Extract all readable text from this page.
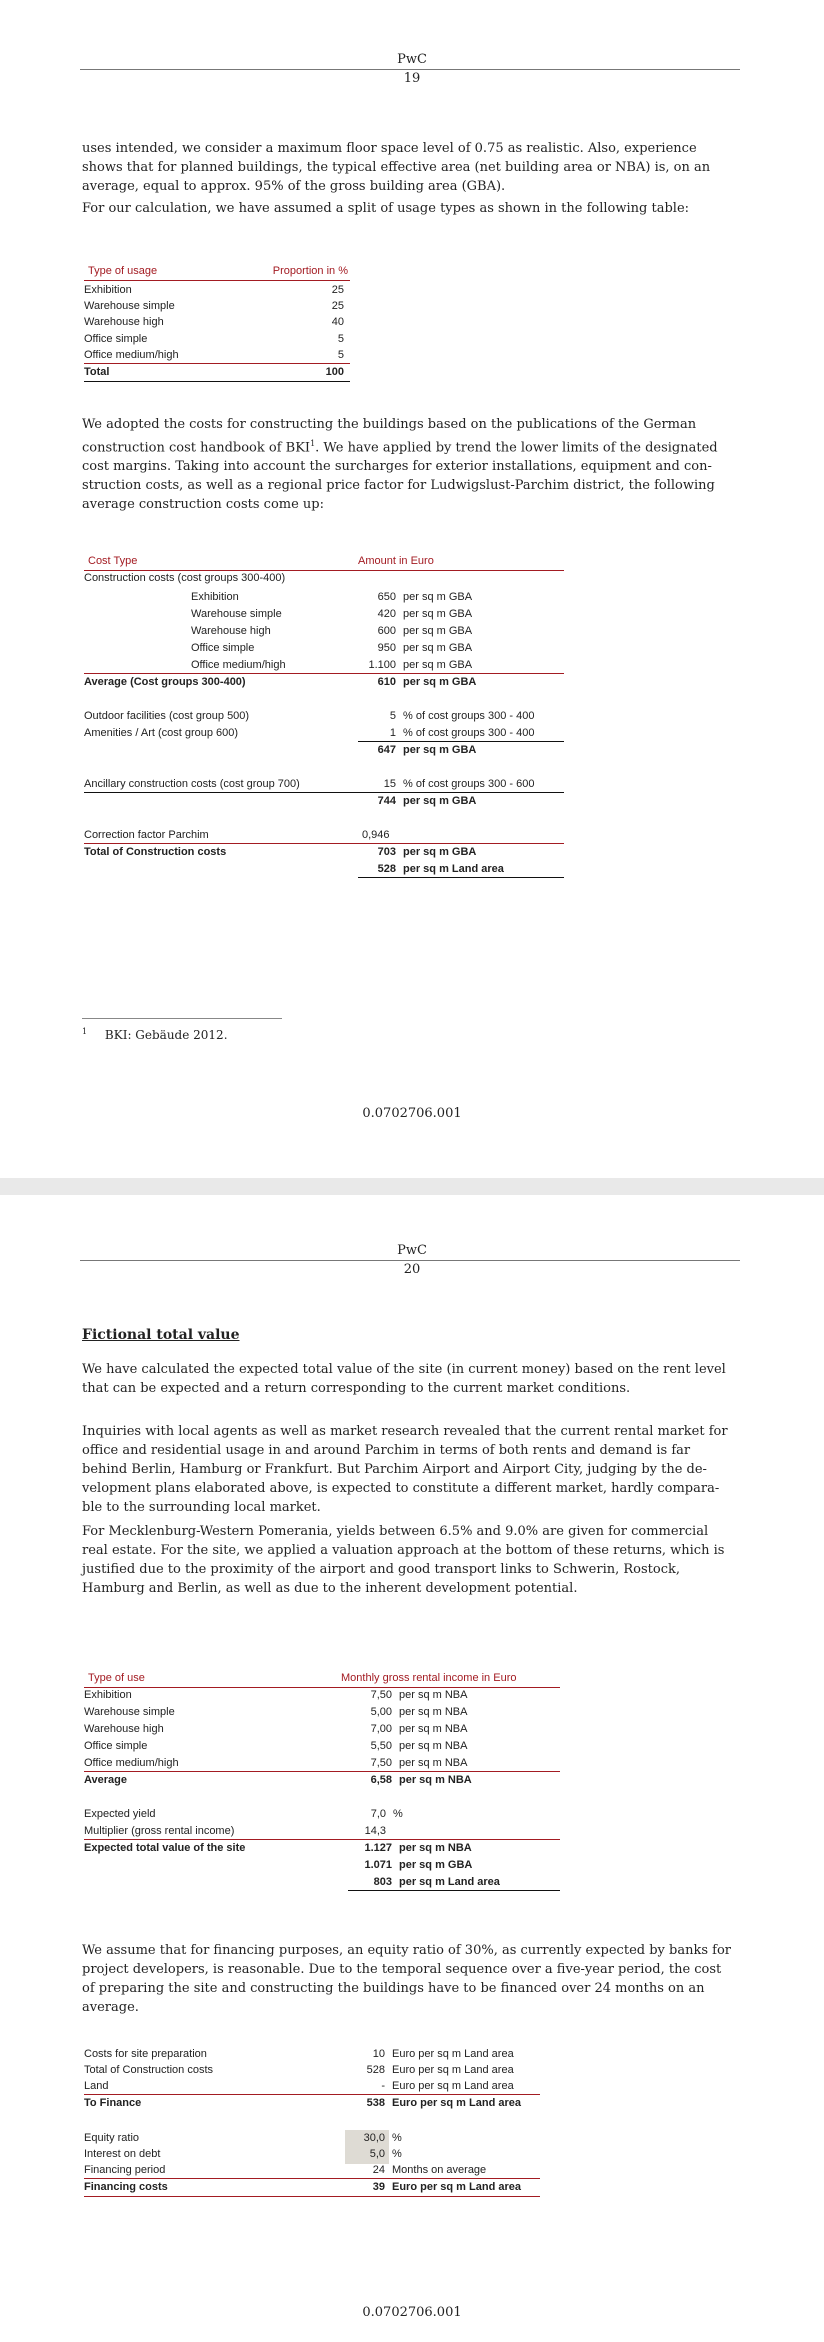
PwC
19

uses intended, we consider a maximum floor space level of 0.75 as realistic. Also, experience shows that for planned buildings, the typical effective area (net building area or NBA) is, on an average, equal to approx. 95% of the gross building area (GBA).

For our calculation, we have assumed a split of usage types as shown in the following table:

Type of usage	Proportion in %
Exhibition	25
Warehouse simple	25
Warehouse high	40
Office simple	5
Office medium/high	5
Total	100
We adopted the costs for constructing the buildings based on the publications of the German construction cost handbook of BKI$^1$. We have applied by trend the lower limits of the designated cost margins. Taking into account the surcharges for exterior installations, equipment and con-struction costs, as well as a regional price factor for Ludwigslust-Parchim district, the following average construction costs come up:
Cost Type	Amount in Euro
Construction costs (cost groups 300-400)
Exhibition	650 per sq m GBA
Warehouse simple	420 per sq m GBA
Warehouse high	600 per sq m GBA
Office simple	950 per sq m GBA
Office medium/high	1.100 per sq m GBA
Average (Cost groups 300-400)	610 per sq m GBA
Outdoor facilities (cost group 500)	5 % of cost groups 300 - 400
Amenities / Art (cost group 600)	1 % of cost groups 300 - 400
647 per sq m GBA
Ancillary construction costs (cost group 700)	15 % of cost groups 300 - 600
744 per sq m GBA
Correction factor Parchim	0,946
Total of Construction costs	703 per sq m GBA
528 per sq m Land area
$^1$ BKI: Gebäude 2012.
0.0702706.001
PwC
20
Fictional total value
We have calculated the expected total value of the site (in current money) based on the rent level that can be expected and a return corresponding to the current market conditions.
Inquiries with local agents as well as market research revealed that the current rental market for office and residential usage in and around Parchim in terms of both rents and demand is far behind Berlin, Hamburg or Frankfurt. But Parchim Airport and Airport City, judging by the de-velopment plans elaborated above, is expected to constitute a different market, hardly compara-ble to the surrounding local market.
For Mecklenburg-Western Pomerania, yields between 6.5% and 9.0% are given for commercial real estate. For the site, we applied a valuation approach at the bottom of these returns, which is justified due to the proximity of the airport and good transport links to Schwerin, Rostock, Hamburg and Berlin, as well as due to the inherent development potential.
Type of use	Monthly gross rental income in Euro
Exhibition	7,50 per sq m NBA
Warehouse simple	5,00 per sq m NBA
Warehouse high	7,00 per sq m NBA
Office simple	5,50 per sq m NBA
Office medium/high	7,50 per sq m NBA
Average	6,58 per sq m NBA
Expected yield	7,0 %
Multiplier (gross rental income)	14,3
Expected total value of the site	1.127 per sq m NBA
1.071 per sq m GBA
803 per sq m Land area
We assume that for financing purposes, an equity ratio of 30%, as currently expected by banks for project developers, is reasonable. Due to the temporal sequence over a five-year period, the cost of preparing the site and constructing the buildings have to be financed over 24 months on an average.
Costs for site preparation	10 Euro per sq m Land area
Total of Construction costs	528 Euro per sq m Land area
Land	- Euro per sq m Land area
To Finance	538 Euro per sq m Land area
Equity ratio	30,0 %
Interest on debt	5,0 %
Financing period	24 Months on average
Financing costs	39 Euro per sq m Land area
0.0702706.001
